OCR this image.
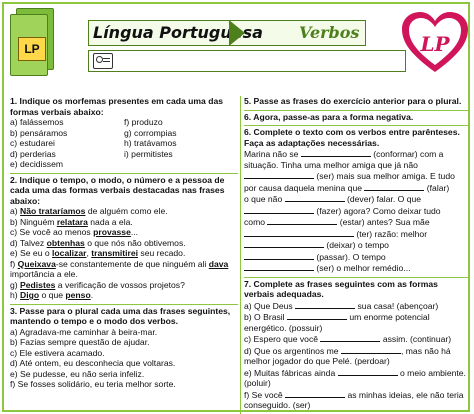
LP
Língua Portuguesa Verbos	LP
1. Indique os morfemas presentes em cada uma das formas verbais abaixo:
a) falássemos	f) produzo
b) pensáramos	g) corrompias
c) estudarei	h) tratávamos
d) perderias	i) permitistes
e) decidissem
2. Indique o tempo, o modo, o número e a pessoa de cada uma das formas verbais destacadas nas frases abaixo:
a) Não trataríamos de alguém como ele.
b) Ninguém relatara nada a ela.
c) Se você ao menos provasse...
d) Talvez obtenhas o que nós não obtivemos.
e) Se eu o localizar, transmitirei seu recado.
f) Queixava-se constantemente de que ninguém ali dava importância a ele.
g) Pedistes a verificação de vossos projetos?
h) Digo o que penso.
3. Passe para o plural cada uma das frases seguintes, mantendo o tempo e o modo dos verbos.
a) Agradava-me caminhar à beira-mar.
b) Fazias sempre questão de ajudar.
c) Ele estivera acamado.
d) Até ontem, eu desconhecia que voltaras.
e) Se pudesse, eu não seria infeliz.
f) Se fosses solidário, eu teria melhor sorte.
5. Passe as frases do exercício anterior para o plural.
6. Agora, passe-as para a forma negativa.
6. Complete o texto com os verbos entre parênteses. Faça as adaptações necessárias.
Marina não se	(conformar) com a
situação. Tinha uma melhor amiga que já não
(ser) mais sua melhor amiga. E tudo
por causa daquela menina que	(falar)
o que não	(dever) falar. O que
(fazer) agora? Como deixar tudo
como	(estar) antes? Sua mãe
(ter) razão: melhor
(deixar) o tempo
(passar). O tempo
(ser) o melhor remédio...
7. Complete as frases seguintes com as formas verbais adequadas.
a) Que Deus	sua casa! (abençoar)
b) O Brasil	um enorme potencial energético. (possuir)
c) Espero que você	assim. (continuar)
d) Que os argentinos me	, mas não há melhor jogador do que Pelé. (perdoar)
e) Muitas fábricas ainda	o meio ambiente. (poluir)
f) Se você	as minhas ideias, ele não teria conseguido. (ser)
